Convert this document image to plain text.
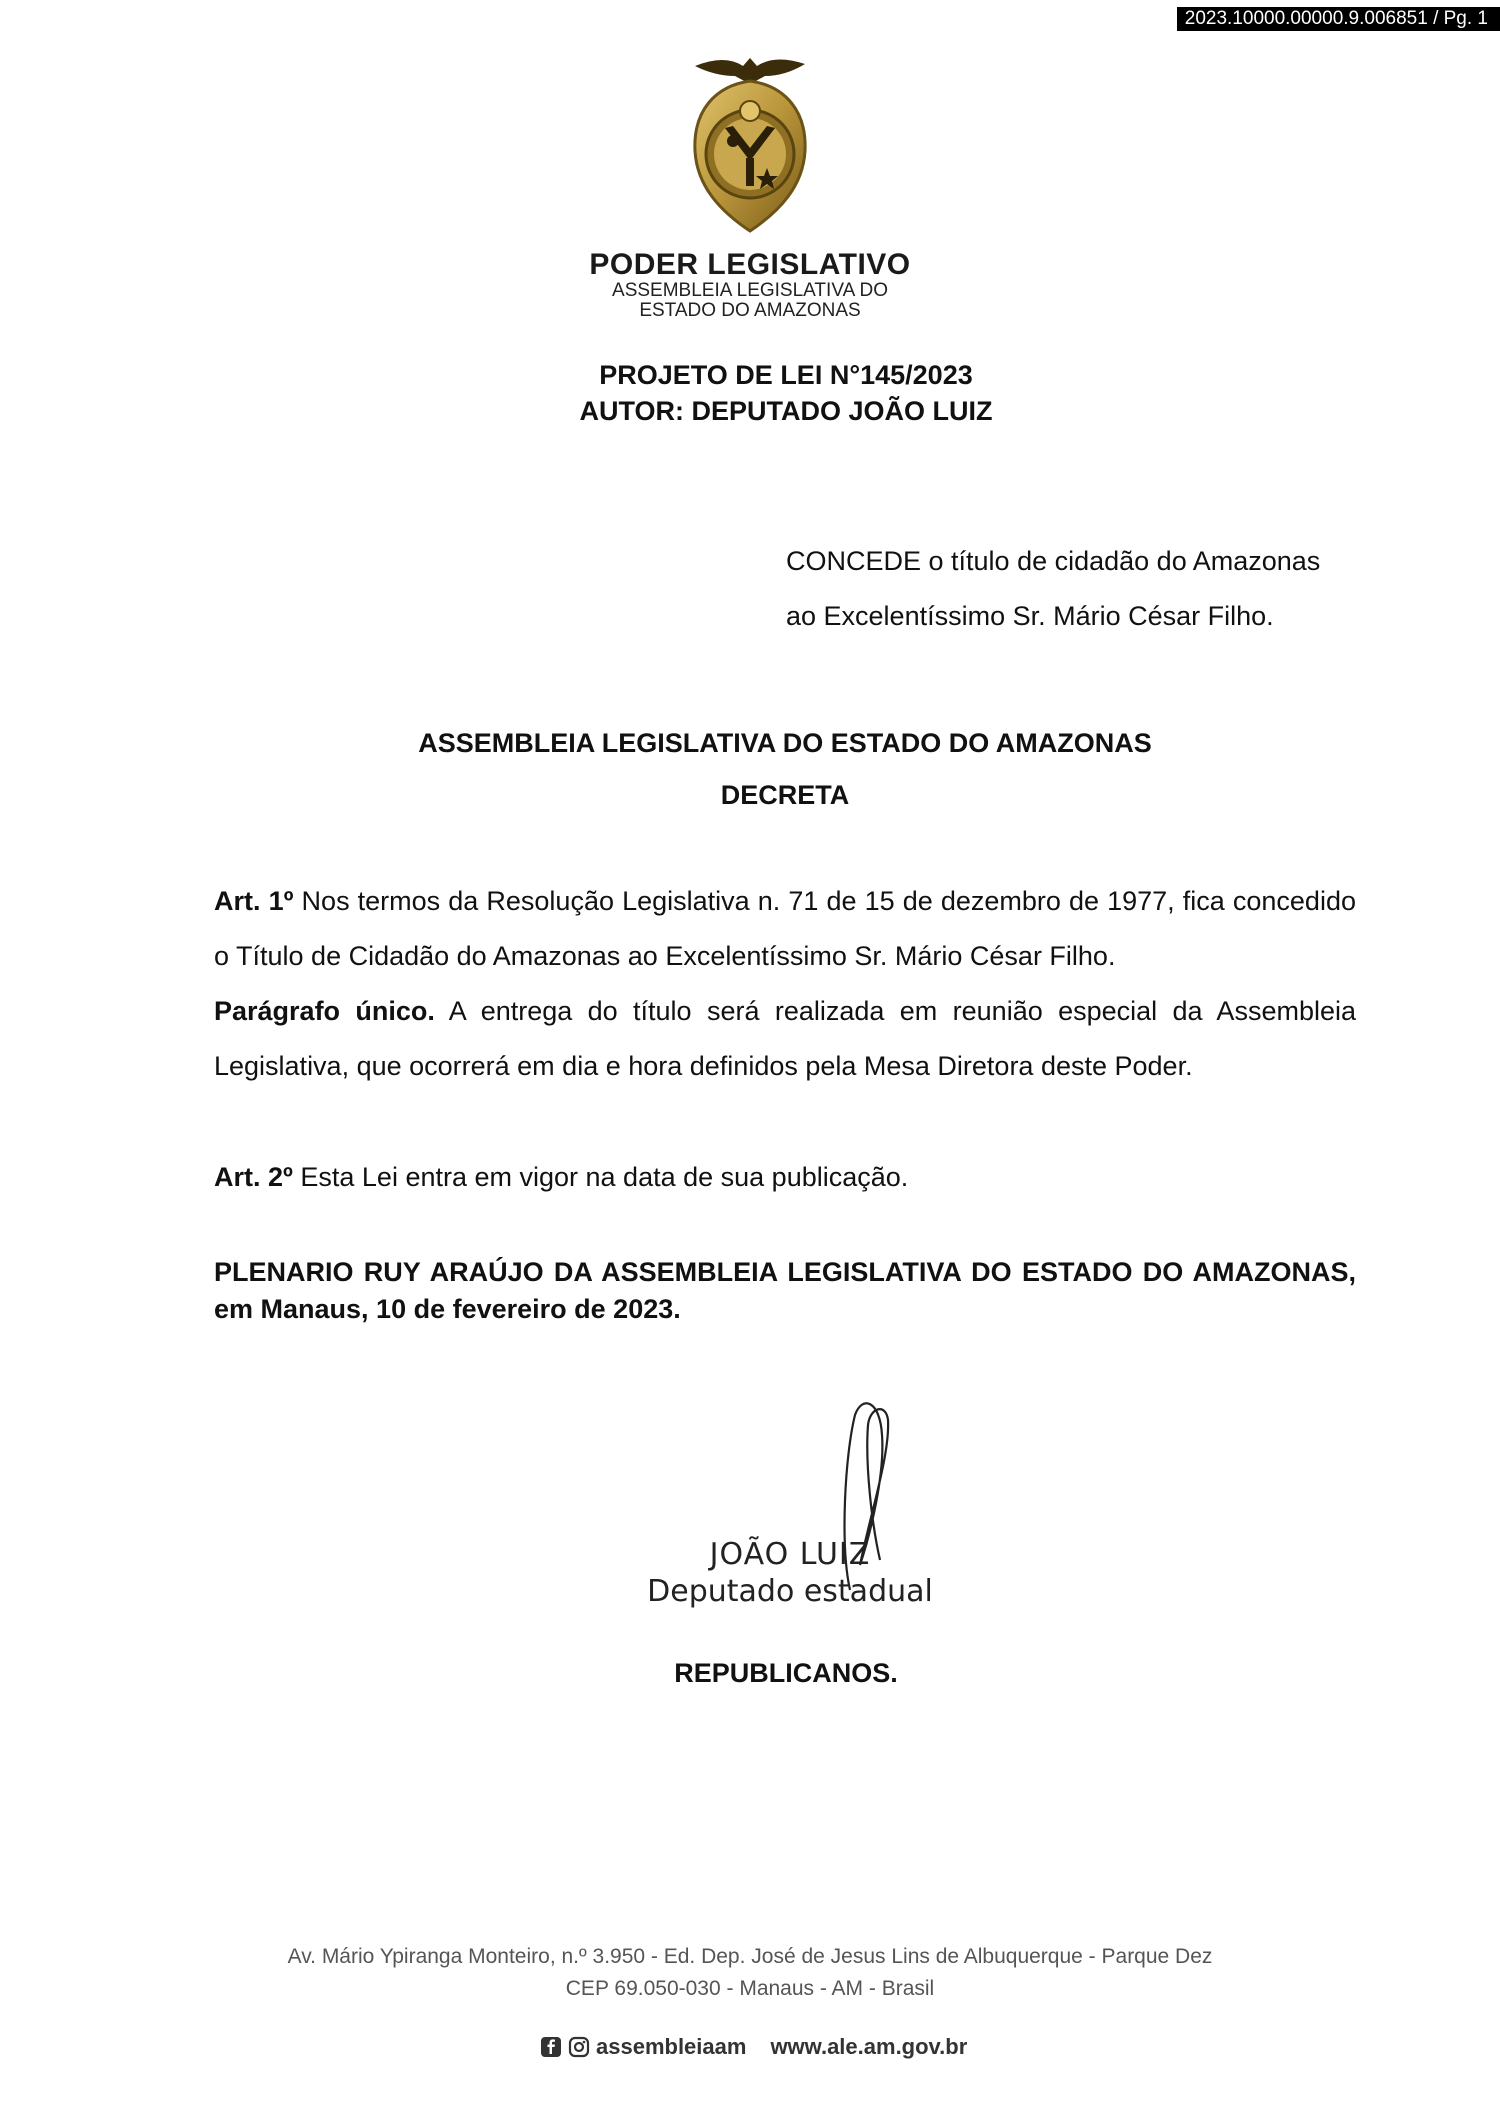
2023.10000.00000.9.006851 / Pg. 1
PODER LEGISLATIVO
ASSEMBLEIA LEGISLATIVA DO
ESTADO DO AMAZONAS
PROJETO DE LEI N°145/2023
AUTOR: DEPUTADO JOÃO LUIZ
CONCEDE o título de cidadão do Amazonas ao Excelentíssimo Sr. Mário César Filho.
ASSEMBLEIA LEGISLATIVA DO ESTADO DO AMAZONAS
DECRETA
Art. 1º Nos termos da Resolução Legislativa n. 71 de 15 de dezembro de 1977, fica concedido o Título de Cidadão do Amazonas ao Excelentíssimo Sr. Mário César Filho.
Parágrafo único. A entrega do título será realizada em reunião especial da Assembleia Legislativa, que ocorrerá em dia e hora definidos pela Mesa Diretora deste Poder.
Art. 2º Esta Lei entra em vigor na data de sua publicação.
PLENARIO RUY ARAÚJO DA ASSEMBLEIA LEGISLATIVA DO ESTADO DO AMAZONAS, em Manaus, 10 de fevereiro de 2023.
JOÃO LUIZ
Deputado estadual
REPUBLICANOS.
Av. Mário Ypiranga Monteiro, n.º 3.950 - Ed. Dep. José de Jesus Lins de Albuquerque - Parque Dez
CEP 69.050-030 - Manaus - AM - Brasil
assembleiaam www.ale.am.gov.br
